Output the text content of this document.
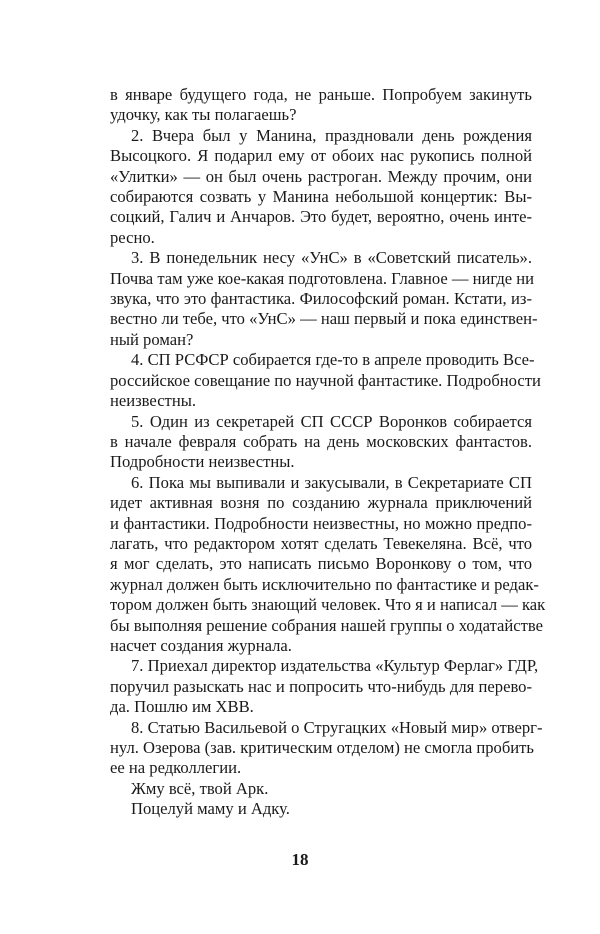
в январе будущего года, не раньше. Попробуем закинуть
удочку, как ты полагаешь?
2. Вчера был у Манина, праздновали день рождения
Высоцкого. Я подарил ему от обоих нас рукопись полной
«Улитки» — он был очень растроган. Между прочим, они
собираются созвать у Манина небольшой концертик: Вы-
соцкий, Галич и Анчаров. Это будет, вероятно, очень инте-
ресно.
3. В понедельник несу «УнС» в «Советский писатель».
Почва там уже кое-какая подготовлена. Главное — нигде ни
звука, что это фантастика. Философский роман. Кстати, из-
вестно ли тебе, что «УнС» — наш первый и пока единствен-
ный роман?
4. СП РСФСР собирается где-то в апреле проводить Все-
российское совещание по научной фантастике. Подробности
неизвестны.
5. Один из секретарей СП СССР Воронков собирается
в начале февраля собрать на день московских фантастов.
Подробности неизвестны.
6. Пока мы выпивали и закусывали, в Секретариате СП
идет активная возня по созданию журнала приключений
и фантастики. Подробности неизвестны, но можно предпо-
лагать, что редактором хотят сделать Тевекеляна. Всё, что
я мог сделать, это написать письмо Воронкову о том, что
журнал должен быть исключительно по фантастике и редак-
тором должен быть знающий человек. Что я и написал — как
бы выполняя решение собрания нашей группы о ходатайстве
насчет создания журнала.
7. Приехал директор издательства «Культур Ферлаг» ГДР,
поручил разыскать нас и попросить что-нибудь для перево-
да. Пошлю им ХВВ.
8. Статью Васильевой о Стругацких «Новый мир» отверг-
нул. Озерова (зав. критическим отделом) не смогла пробить
ее на редколлегии.
Жму всё, твой Арк.
Поцелуй маму и Адку.
18
